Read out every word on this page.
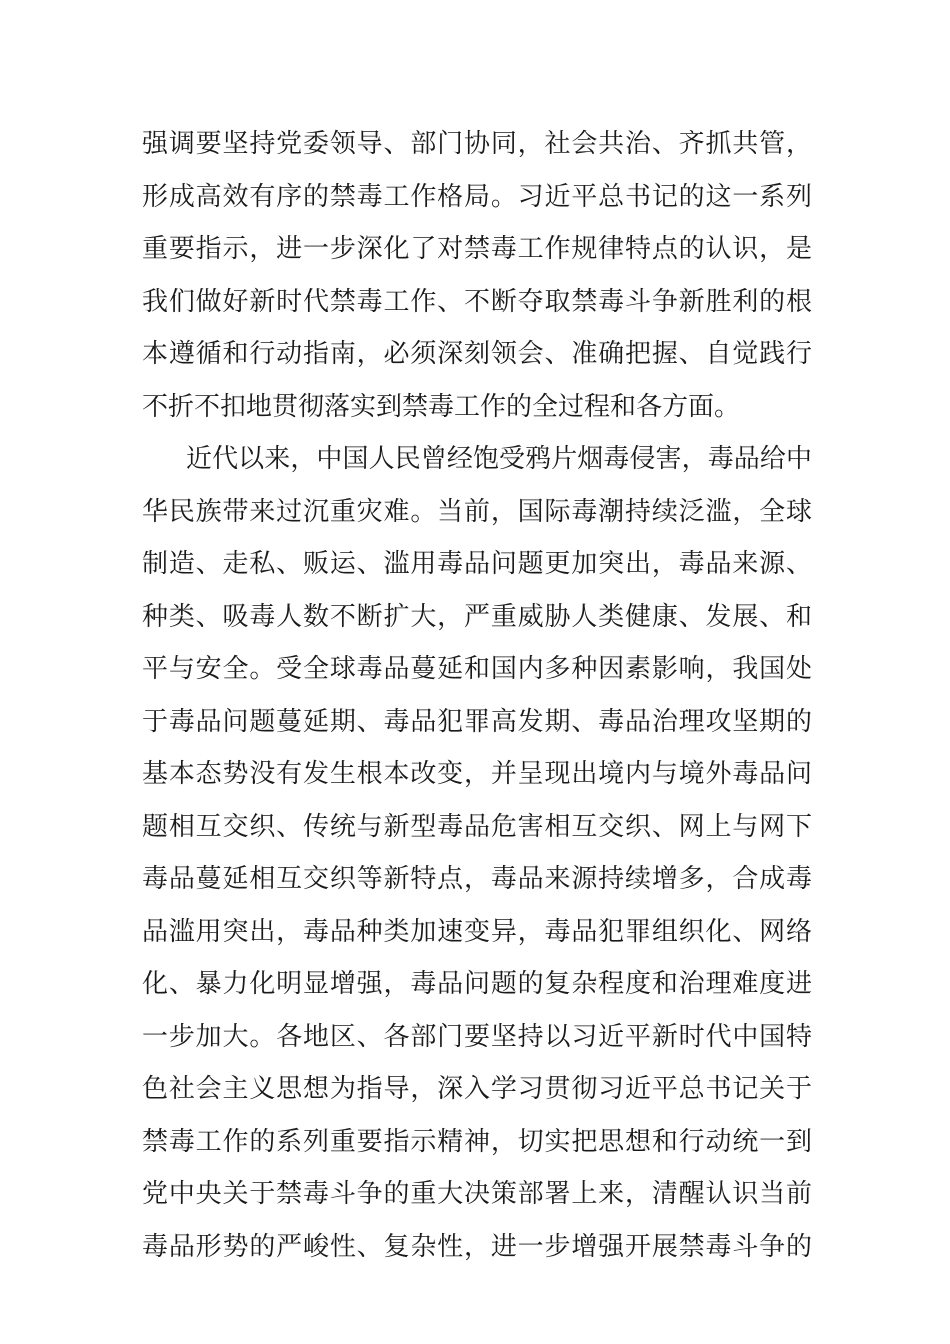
强调要坚持党委领导、部门协同，社会共治、齐抓共管，
形成高效有序的禁毒工作格局。习近平总书记的这一系列
重要指示，进一步深化了对禁毒工作规律特点的认识，是
我们做好新时代禁毒工作、不断夺取禁毒斗争新胜利的根
本遵循和行动指南，必须深刻领会、准确把握、自觉践行
不折不扣地贯彻落实到禁毒工作的全过程和各方面。
近代以来，中国人民曾经饱受鸦片烟毒侵害，毒品给中
华民族带来过沉重灾难。当前，国际毒潮持续泛滥，全球
制造、走私、贩运、滥用毒品问题更加突出，毒品来源、
种类、吸毒人数不断扩大，严重威胁人类健康、发展、和
平与安全。受全球毒品蔓延和国内多种因素影响，我国处
于毒品问题蔓延期、毒品犯罪高发期、毒品治理攻坚期的
基本态势没有发生根本改变，并呈现出境内与境外毒品问
题相互交织、传统与新型毒品危害相互交织、网上与网下
毒品蔓延相互交织等新特点，毒品来源持续增多，合成毒
品滥用突出，毒品种类加速变异，毒品犯罪组织化、网络
化、暴力化明显增强，毒品问题的复杂程度和治理难度进
一步加大。各地区、各部门要坚持以习近平新时代中国特
色社会主义思想为指导，深入学习贯彻习近平总书记关于
禁毒工作的系列重要指示精神，切实把思想和行动统一到
党中央关于禁毒斗争的重大决策部署上来，清醒认识当前
毒品形势的严峻性、复杂性，进一步增强开展禁毒斗争的
